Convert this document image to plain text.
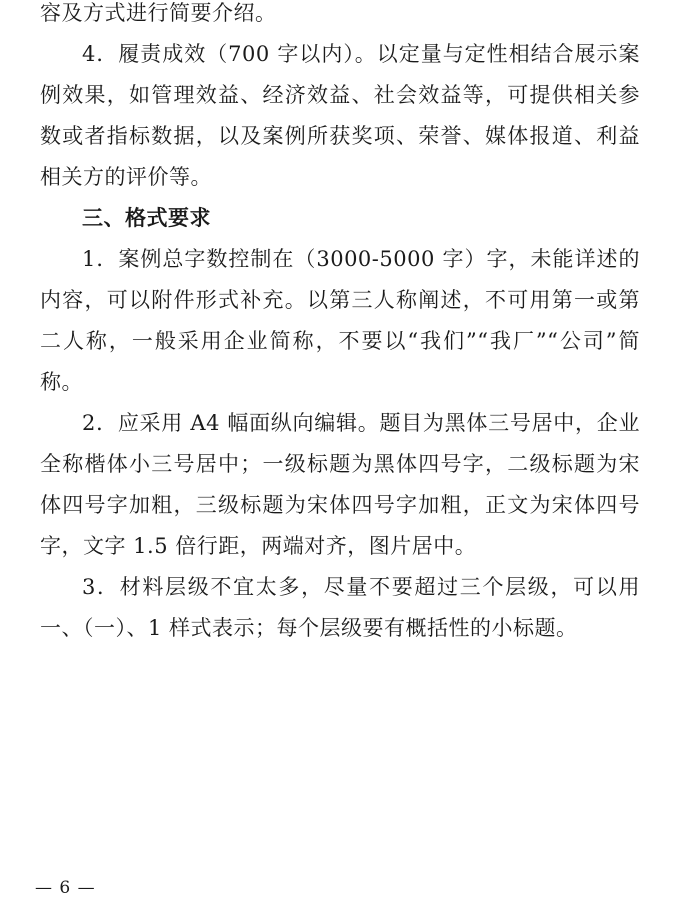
容及方式进行简要介绍。

4．履责成效（700 字以内）。以定量与定性相结合展示案例效果，如管理效益、经济效益、社会效益等，可提供相关参数或者指标数据，以及案例所获奖项、荣誉、媒体报道、利益相关方的评价等。

三、格式要求

1．案例总字数控制在（3000-5000 字）字，未能详述的内容，可以附件形式补充。以第三人称阐述，不可用第一或第二人称，一般采用企业简称，不要以“我们”“我厂”“公司”简称。

2．应采用 A4 幅面纵向编辑。题目为黑体三号居中，企业全称楷体小三号居中；一级标题为黑体四号字，二级标题为宋体四号字加粗，三级标题为宋体四号字加粗，正文为宋体四号字，文字 1.5 倍行距，两端对齐，图片居中。

3．材料层级不宜太多，尽量不要超过三个层级，可以用一、（一）、1 样式表示；每个层级要有概括性的小标题。

— 6 —
